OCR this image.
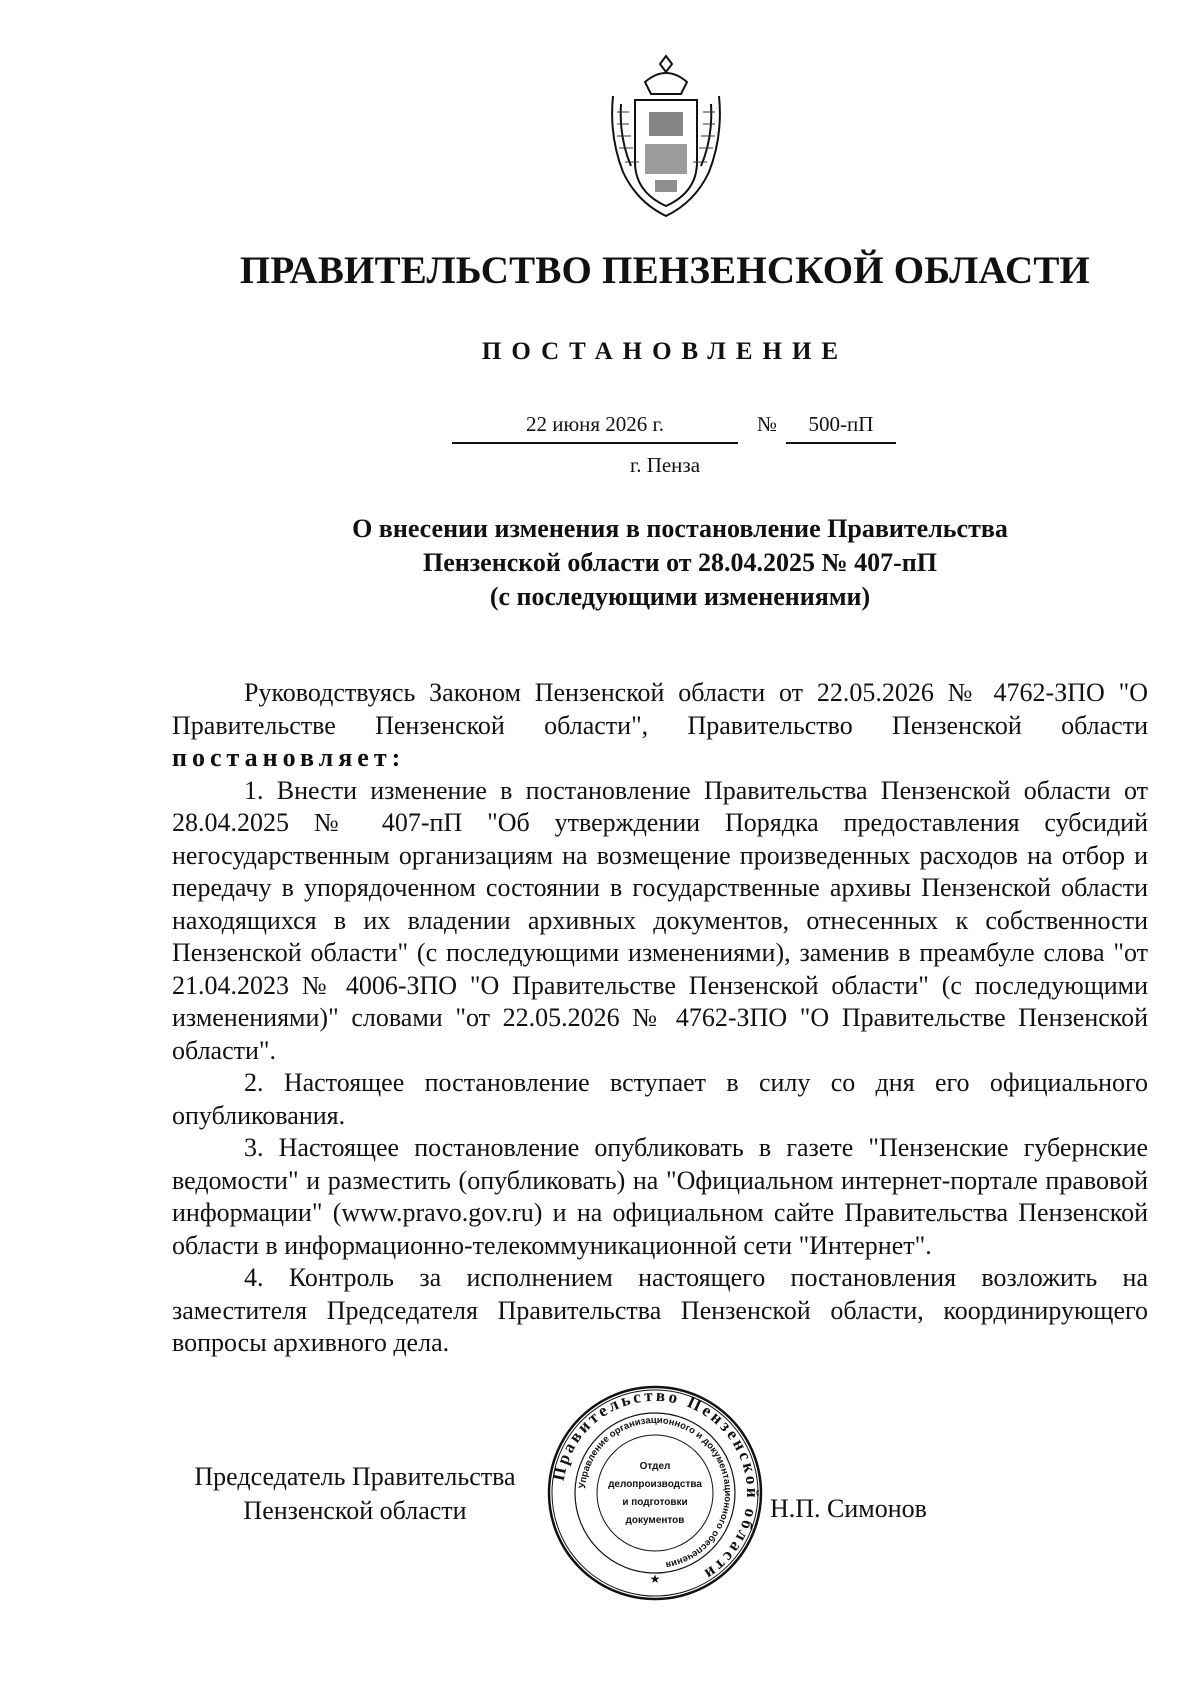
ПРАВИТЕЛЬСТВО ПЕНЗЕНСКОЙ ОБЛАСТИ
ПОСТАНОВЛЕНИЕ
22 июня 2026 г.	№	500-пП
г. Пенза
О внесении изменения в постановление Правительства
Пензенской области от 28.04.2025 № 407-пП
(с последующими изменениями)

Руководствуясь Законом Пензенской области от 22.05.2026 № 4762-ЗПО "О Правительстве Пензенской области", Правительство Пензенской области постановляет:

1. Внести изменение в постановление Правительства Пензенской области от 28.04.2025 № 407-пП "Об утверждении Порядка предоставления субсидий негосударственным организациям на возмещение произведенных расходов на отбор и передачу в упорядоченном состоянии в государственные архивы Пензенской области находящихся в их владении архивных документов, отнесенных к собственности Пензенской области" (с последующими изменениями), заменив в преамбуле слова "от 21.04.2023 № 4006-ЗПО "О Правительстве Пензенской области" (с последующими изменениями)" словами "от 22.05.2026 № 4762-ЗПО "О Правительстве Пензенской области".

2. Настоящее постановление вступает в силу со дня его официального опубликования.

3. Настоящее постановление опубликовать в газете "Пензенские губернские ведомости" и разместить (опубликовать) на "Официальном интернет-портале правовой информации" (www.pravo.gov.ru) и на официальном сайте Правительства Пензенской области в информационно-телекоммуникационной сети "Интернет".

4. Контроль за исполнением настоящего постановления возложить на заместителя Председателя Правительства Пензенской области, координирующего вопросы архивного дела.

Председатель Правительства
Пензенской области	Н.П. Симонов
Правительство Пензенской области
Управление организационного и документационного обеспечения
Отдел
делопроизводства
и подготовки
документов
★
